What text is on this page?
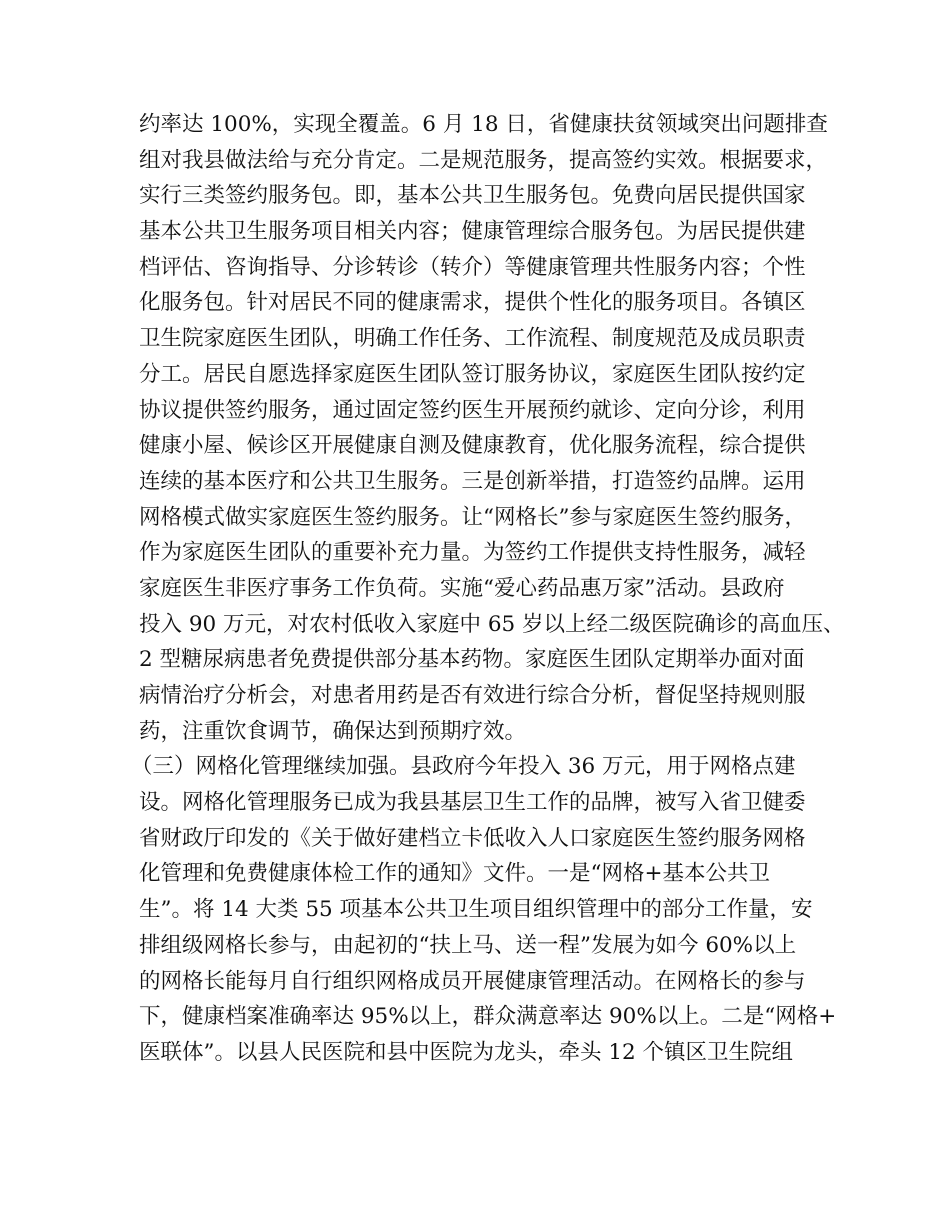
约率达 100%，实现全覆盖。6 月 18 日，省健康扶贫领域突出问题排查
组对我县做法给与充分肯定。二是规范服务，提高签约实效。根据要求，
实行三类签约服务包。即，基本公共卫生服务包。免费向居民提供国家
基本公共卫生服务项目相关内容；健康管理综合服务包。为居民提供建
档评估、咨询指导、分诊转诊（转介）等健康管理共性服务内容；个性
化服务包。针对居民不同的健康需求，提供个性化的服务项目。各镇区
卫生院家庭医生团队，明确工作任务、工作流程、制度规范及成员职责
分工。居民自愿选择家庭医生团队签订服务协议，家庭医生团队按约定
协议提供签约服务，通过固定签约医生开展预约就诊、定向分诊，利用
健康小屋、候诊区开展健康自测及健康教育，优化服务流程，综合提供
连续的基本医疗和公共卫生服务。三是创新举措，打造签约品牌。运用
网格模式做实家庭医生签约服务。让“网格长”参与家庭医生签约服务，
作为家庭医生团队的重要补充力量。为签约工作提供支持性服务，减轻
家庭医生非医疗事务工作负荷。实施“爱心药品惠万家”活动。县政府
投入 90 万元，对农村低收入家庭中 65 岁以上经二级医院确诊的高血压、
2 型糖尿病患者免费提供部分基本药物。家庭医生团队定期举办面对面
病情治疗分析会，对患者用药是否有效进行综合分析，督促坚持规则服
药，注重饮食调节，确保达到预期疗效。
（三）网格化管理继续加强。县政府今年投入 36 万元，用于网格点建
设。网格化管理服务已成为我县基层卫生工作的品牌，被写入省卫健委
省财政厅印发的《关于做好建档立卡低收入人口家庭医生签约服务网格
化管理和免费健康体检工作的通知》文件。一是“网格+基本公共卫
生”。将 14 大类 55 项基本公共卫生项目组织管理中的部分工作量，安
排组级网格长参与，由起初的“扶上马、送一程”发展为如今 60%以上
的网格长能每月自行组织网格成员开展健康管理活动。在网格长的参与
下，健康档案准确率达 95%以上，群众满意率达 90%以上。二是“网格+
医联体”。以县人民医院和县中医院为龙头，牵头 12 个镇区卫生院组
